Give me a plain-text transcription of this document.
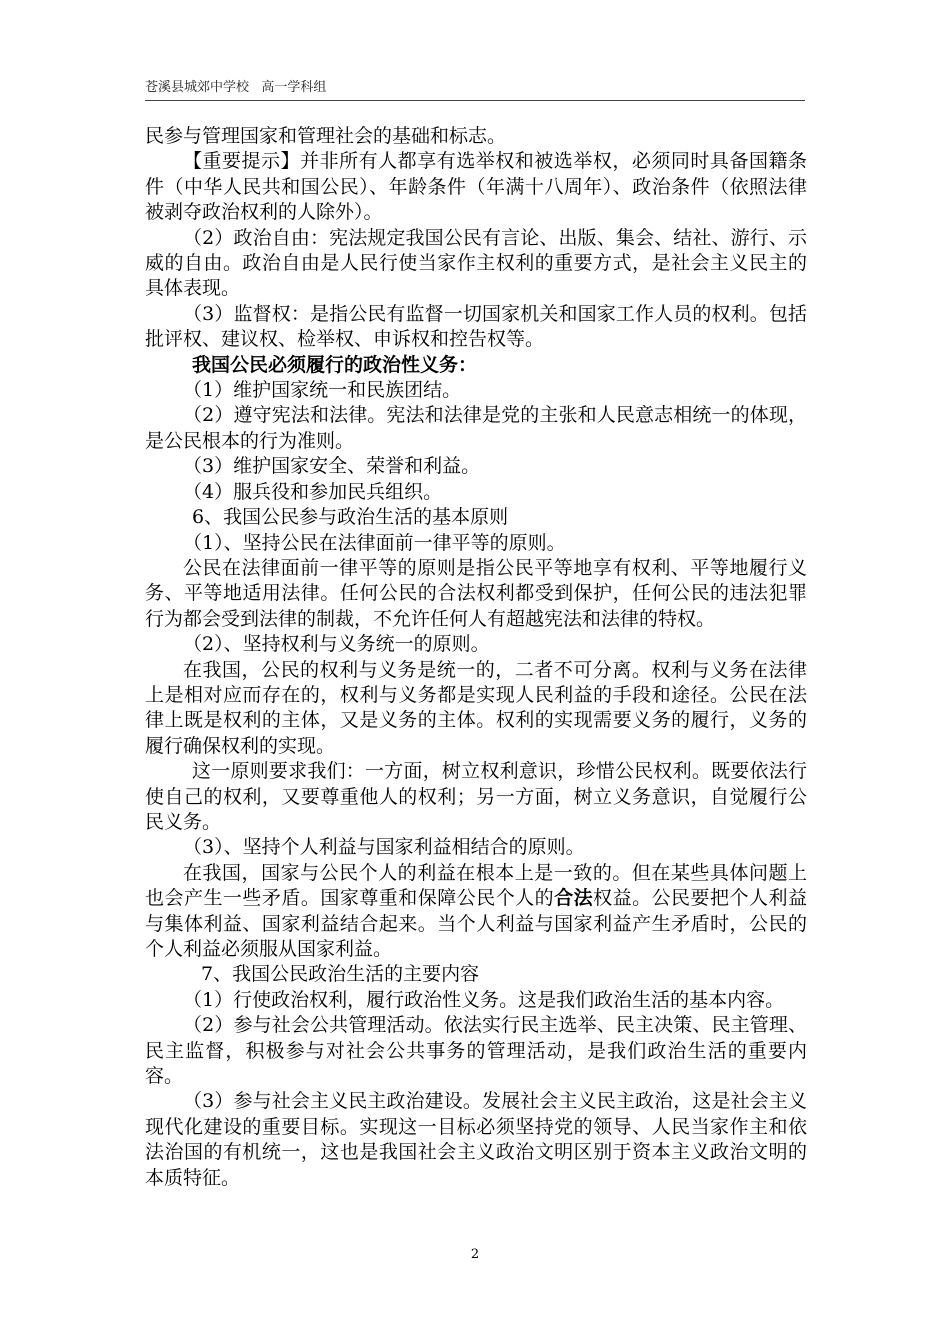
苍溪县城郊中学校   高一学科组

民参与管理国家和管理社会的基础和标志。

【重要提示】并非所有人都享有选举权和被选举权，必须同时具备国籍条件（中华人民共和国公民）、年龄条件（年满十八周年）、政治条件（依照法律被剥夺政治权利的人除外）。

（2）政治自由：宪法规定我国公民有言论、出版、集会、结社、游行、示威的自由。政治自由是人民行使当家作主权利的重要方式，是社会主义民主的具体表现。

（3）监督权：是指公民有监督一切国家机关和国家工作人员的权利。包括批评权、建议权、检举权、申诉权和控告权等。

我国公民必须履行的政治性义务：

（1）维护国家统一和民族团结。

（2）遵守宪法和法律。宪法和法律是党的主张和人民意志相统一的体现，是公民根本的行为准则。

（3）维护国家安全、荣誉和利益。

（4）服兵役和参加民兵组织。

6、我国公民参与政治生活的基本原则

（1）、坚持公民在法律面前一律平等的原则。

公民在法律面前一律平等的原则是指公民平等地享有权利、平等地履行义务、平等地适用法律。任何公民的合法权利都受到保护，任何公民的违法犯罪行为都会受到法律的制裁，不允许任何人有超越宪法和法律的特权。

（2）、坚持权利与义务统一的原则。

在我国，公民的权利与义务是统一的，二者不可分离。权利与义务在法律上是相对应而存在的，权利与义务都是实现人民利益的手段和途径。公民在法律上既是权利的主体，又是义务的主体。权利的实现需要义务的履行，义务的履行确保权利的实现。

这一原则要求我们：一方面，树立权利意识，珍惜公民权利。既要依法行使自己的权利，又要尊重他人的权利；另一方面，树立义务意识，自觉履行公民义务。

（3）、坚持个人利益与国家利益相结合的原则。

在我国，国家与公民个人的利益在根本上是一致的。但在某些具体问题上也会产生一些矛盾。国家尊重和保障公民个人的合法权益。公民要把个人利益与集体利益、国家利益结合起来。当个人利益与国家利益产生矛盾时，公民的个人利益必须服从国家利益。

7、我国公民政治生活的主要内容

（1）行使政治权利，履行政治性义务。这是我们政治生活的基本内容。

（2）参与社会公共管理活动。依法实行民主选举、民主决策、民主管理、民主监督，积极参与对社会公共事务的管理活动，是我们政治生活的重要内容。

（3）参与社会主义民主政治建设。发展社会主义民主政治，这是社会主义现代化建设的重要目标。实现这一目标必须坚持党的领导、人民当家作主和依法治国的有机统一，这也是我国社会主义政治文明区别于资本主义政治文明的本质特征。

2
